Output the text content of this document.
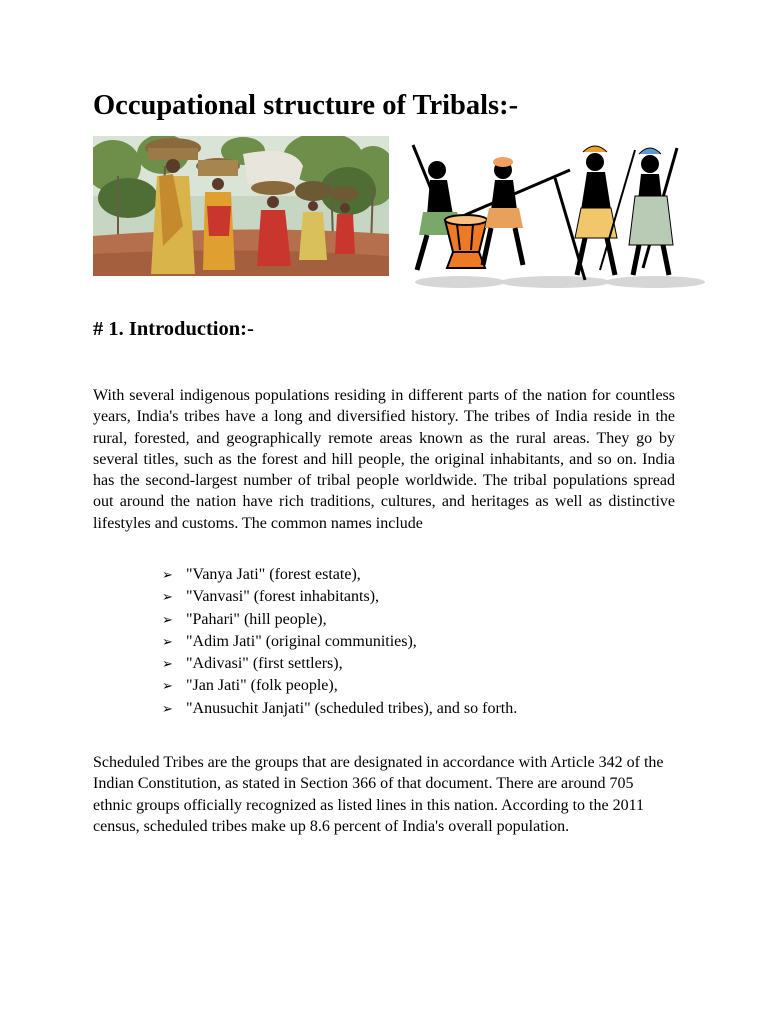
Occupational structure of Tribals:-
# 1. Introduction:-

With several indigenous populations residing in different parts of the nation for countless years, India's tribes have a long and diversified history. The tribes of India reside in the rural, forested, and geographically remote areas known as the rural areas. They go by several titles, such as the forest and hill people, the original inhabitants, and so on. India has the second-largest number of tribal people worldwide. The tribal populations spread out around the nation have rich traditions, cultures, and heritages as well as distinctive lifestyles and customs. The common names include

➢ "Vanya Jati" (forest estate),
➢ "Vanvasi" (forest inhabitants),
➢ "Pahari" (hill people),
➢ "Adim Jati" (original communities),
➢ "Adivasi" (first settlers),
➢ "Jan Jati" (folk people),
➢ "Anusuchit Janjati" (scheduled tribes), and so forth.

Scheduled Tribes are the groups that are designated in accordance with Article 342 of the Indian Constitution, as stated in Section 366 of that document. There are around 705 ethnic groups officially recognized as listed lines in this nation. According to the 2011 census, scheduled tribes make up 8.6 percent of India's overall population.
